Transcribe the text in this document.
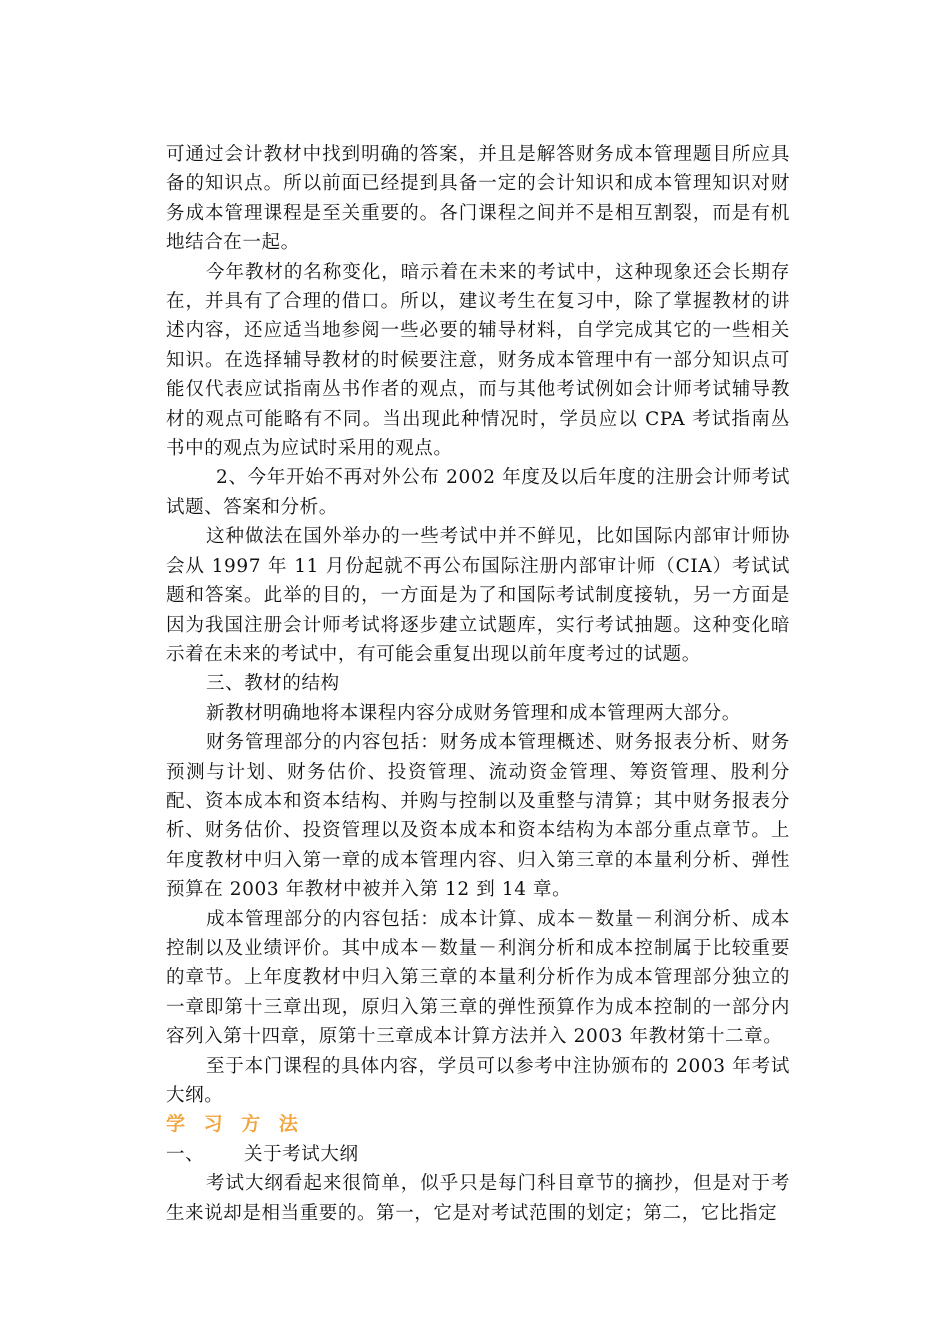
可通过会计教材中找到明确的答案，并且是解答财务成本管理题目所应具备的知识点。所以前面已经提到具备一定的会计知识和成本管理知识对财务成本管理课程是至关重要的。各门课程之间并不是相互割裂，而是有机地结合在一起。

今年教材的名称变化，暗示着在未来的考试中，这种现象还会长期存在，并具有了合理的借口。所以，建议考生在复习中，除了掌握教材的讲述内容，还应适当地参阅一些必要的辅导材料，自学完成其它的一些相关知识。在选择辅导教材的时候要注意，财务成本管理中有一部分知识点可能仅代表应试指南丛书作者的观点，而与其他考试例如会计师考试辅导教材的观点可能略有不同。当出现此种情况时，学员应以 CPA 考试指南丛书中的观点为应试时采用的观点。

2、今年开始不再对外公布 2002 年度及以后年度的注册会计师考试试题、答案和分析。

这种做法在国外举办的一些考试中并不鲜见，比如国际内部审计师协会从 1997 年 11 月份起就不再公布国际注册内部审计师（CIA）考试试题和答案。此举的目的，一方面是为了和国际考试制度接轨，另一方面是因为我国注册会计师考试将逐步建立试题库，实行考试抽题。这种变化暗示着在未来的考试中，有可能会重复出现以前年度考过的试题。

三、教材的结构

新教材明确地将本课程内容分成财务管理和成本管理两大部分。

财务管理部分的内容包括：财务成本管理概述、财务报表分析、财务预测与计划、财务估价、投资管理、流动资金管理、筹资管理、股利分配、资本成本和资本结构、并购与控制以及重整与清算；其中财务报表分析、财务估价、投资管理以及资本成本和资本结构为本部分重点章节。上年度教材中归入第一章的成本管理内容、归入第三章的本量利分析、弹性预算在 2003 年教材中被并入第 12 到 14 章。

成本管理部分的内容包括：成本计算、成本－数量－利润分析、成本控制以及业绩评价。其中成本－数量－利润分析和成本控制属于比较重要的章节。上年度教材中归入第三章的本量利分析作为成本管理部分独立的一章即第十三章出现，原归入第三章的弹性预算作为成本控制的一部分内容列入第十四章，原第十三章成本计算方法并入 2003 年教材第十二章。

至于本门课程的具体内容，学员可以参考中注协颁布的 2003 年考试大纲。

学 习 方 法

一、	关于考试大纲

考试大纲看起来很简单，似乎只是每门科目章节的摘抄，但是对于考生来说却是相当重要的。第一，它是对考试范围的划定；第二，它比指定
